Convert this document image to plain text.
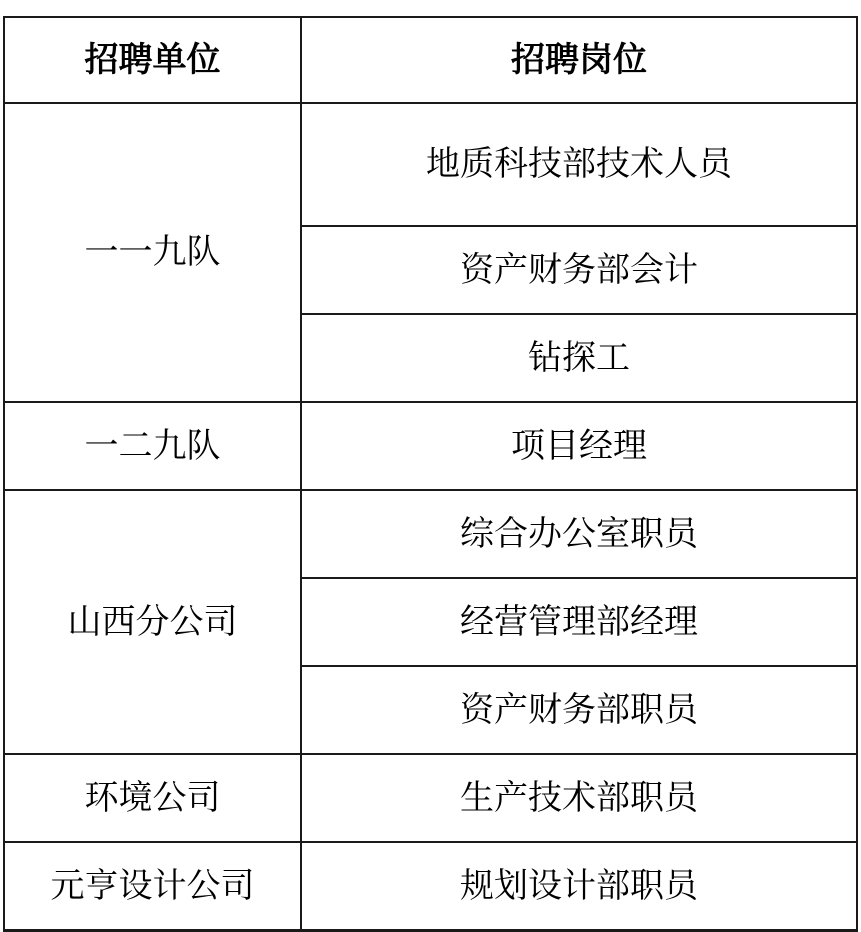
招聘单位	招聘岗位
一一九队	地质科技部技术人员
	资产财务部会计
	钻探工
一二九队	项目经理
山西分公司	综合办公室职员
	经营管理部经理
	资产财务部职员
环境公司	生产技术部职员
元亨设计公司	规划设计部职员
